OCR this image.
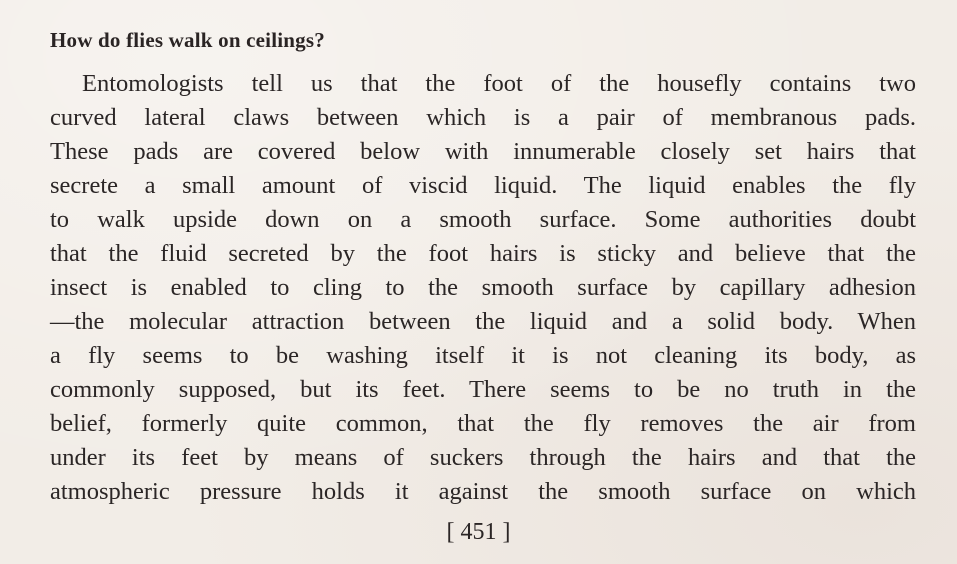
How do flies walk on ceilings?
Entomologists tell us that the foot of the housefly contains two
curved lateral claws between which is a pair of membranous pads.
These pads are covered below with innumerable closely set hairs that
secrete a small amount of viscid liquid. The liquid enables the fly
to walk upside down on a smooth surface. Some authorities doubt
that the fluid secreted by the foot hairs is sticky and believe that the
insect is enabled to cling to the smooth surface by capillary adhesion
—the molecular attraction between the liquid and a solid body. When
a fly seems to be washing itself it is not cleaning its body, as
commonly supposed, but its feet. There seems to be no truth in the
belief, formerly quite common, that the fly removes the air from
under its feet by means of suckers through the hairs and that the
atmospheric pressure holds it against the smooth surface on which
[ 451 ]
